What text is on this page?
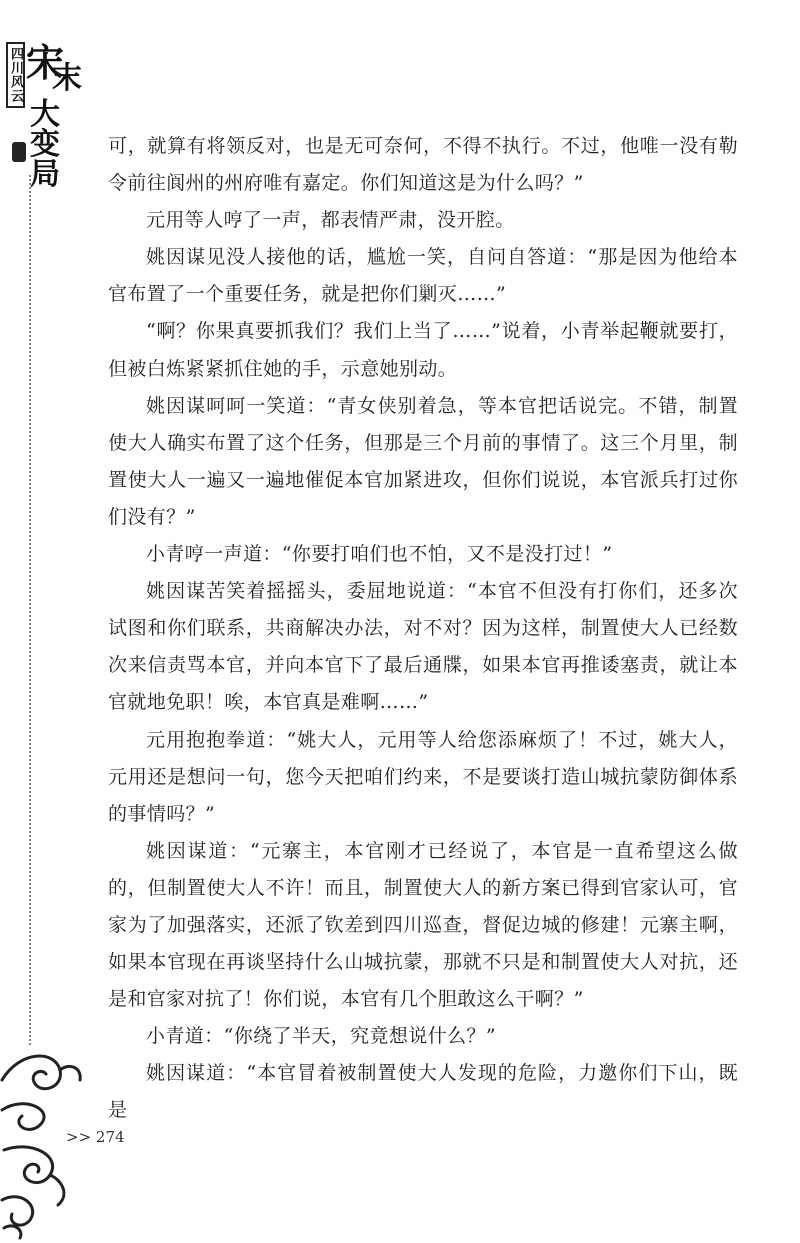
四川风云 宋
末
大
变
局

可，就算有将领反对，也是无可奈何，不得不执行。不过，他唯一没有勒令前往阆州的州府唯有嘉定。你们知道这是为什么吗？”

元用等人哼了一声，都表情严肃，没开腔。

姚因谋见没人接他的话，尴尬一笑，自问自答道：“那是因为他给本官布置了一个重要任务，就是把你们剿灭……”

“啊？你果真要抓我们？我们上当了……”说着，小青举起鞭就要打，但被白炼紧紧抓住她的手，示意她别动。

姚因谋呵呵一笑道：“青女侠别着急，等本官把话说完。不错，制置使大人确实布置了这个任务，但那是三个月前的事情了。这三个月里，制置使大人一遍又一遍地催促本官加紧进攻，但你们说说，本官派兵打过你们没有？”

小青哼一声道：“你要打咱们也不怕，又不是没打过！”

姚因谋苦笑着摇摇头，委屈地说道：“本官不但没有打你们，还多次试图和你们联系，共商解决办法，对不对？因为这样，制置使大人已经数次来信责骂本官，并向本官下了最后通牒，如果本官再推诿塞责，就让本官就地免职！唉，本官真是难啊……”

元用抱抱拳道：“姚大人，元用等人给您添麻烦了！不过，姚大人，元用还是想问一句，您今天把咱们约来，不是要谈打造山城抗蒙防御体系的事情吗？”

姚因谋道：“元寨主，本官刚才已经说了，本官是一直希望这么做的，但制置使大人不许！而且，制置使大人的新方案已得到官家认可，官家为了加强落实，还派了钦差到四川巡查，督促边城的修建！元寨主啊，如果本官现在再谈坚持什么山城抗蒙，那就不只是和制置使大人对抗，还是和官家对抗了！你们说，本官有几个胆敢这么干啊？”

小青道：“你绕了半天，究竟想说什么？”

姚因谋道：“本官冒着被制置使大人发现的危险，力邀你们下山，既是

>> 274
